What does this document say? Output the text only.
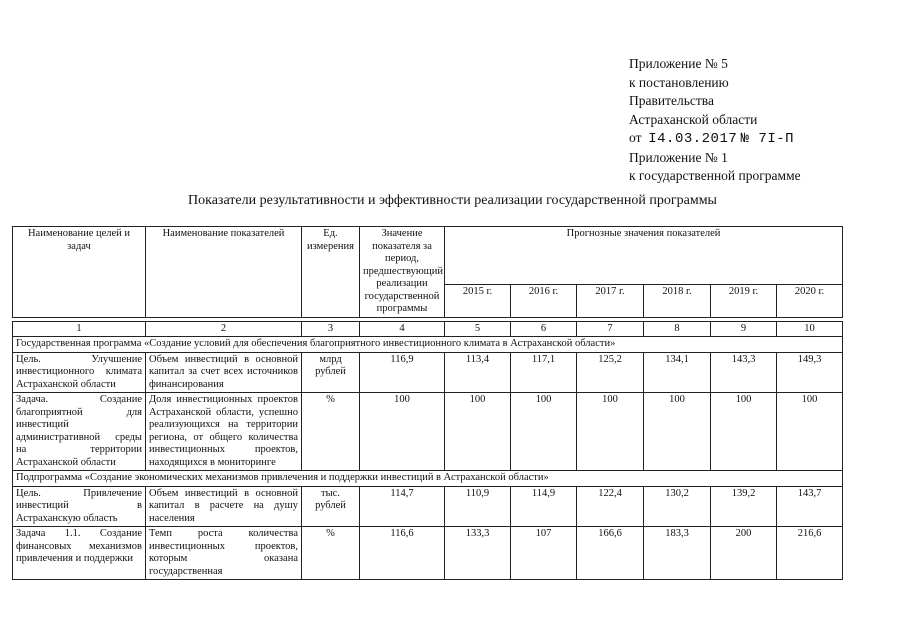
Приложение № 5
к постановлению
Правительства
Астраханской области
от I4.03.2017 № 7I-П
Приложение № 1
к государственной программе
Показатели результативности и эффективности реализации государственной программы
Наименование целей и задач	Наименование показателей	Ед. измерения	Значение показателя за период, предшествующий реализации государственной программы	Прогнозные значения показателей					
				2015 г.	2016 г.	2017 г.	2018 г.	2019 г.	2020 г.

1	2	3	4	5	6	7	8	9	10
Государственная программа «Создание условий для обеспечения благоприятного инвестиционного климата в Астраханской области»									
Цель. Улучшение инвестиционного климата Астраханской области	Объем инвестиций в основной капитал за счет всех источников финансирования	млрд рублей	116,9	113,4	117,1	125,2	134,1	143,3	149,3
Задача. Создание благоприятной для инвестиций административной среды на территории Астраханской области	Доля инвестиционных проектов Астраханской области, успешно реализующихся на территории региона, от общего количества инвестиционных проектов, находящихся в мониторинге	%	100	100	100	100	100	100	100
Подпрограмма «Создание экономических механизмов привлечения и поддержки инвестиций в Астраханской области»									
Цель. Привлечение инвестиций в Астраханскую область	Объем инвестиций в основной капитал в расчете на душу населения	тыс. рублей	114,7	110,9	114,9	122,4	130,2	139,2	143,7
Задача 1.1. Создание финансовых механизмов привлечения и поддержки	Темп роста количества инвестиционных проектов, которым оказана государственная	%	116,6	133,3	107	166,6	183,3	200	216,6
